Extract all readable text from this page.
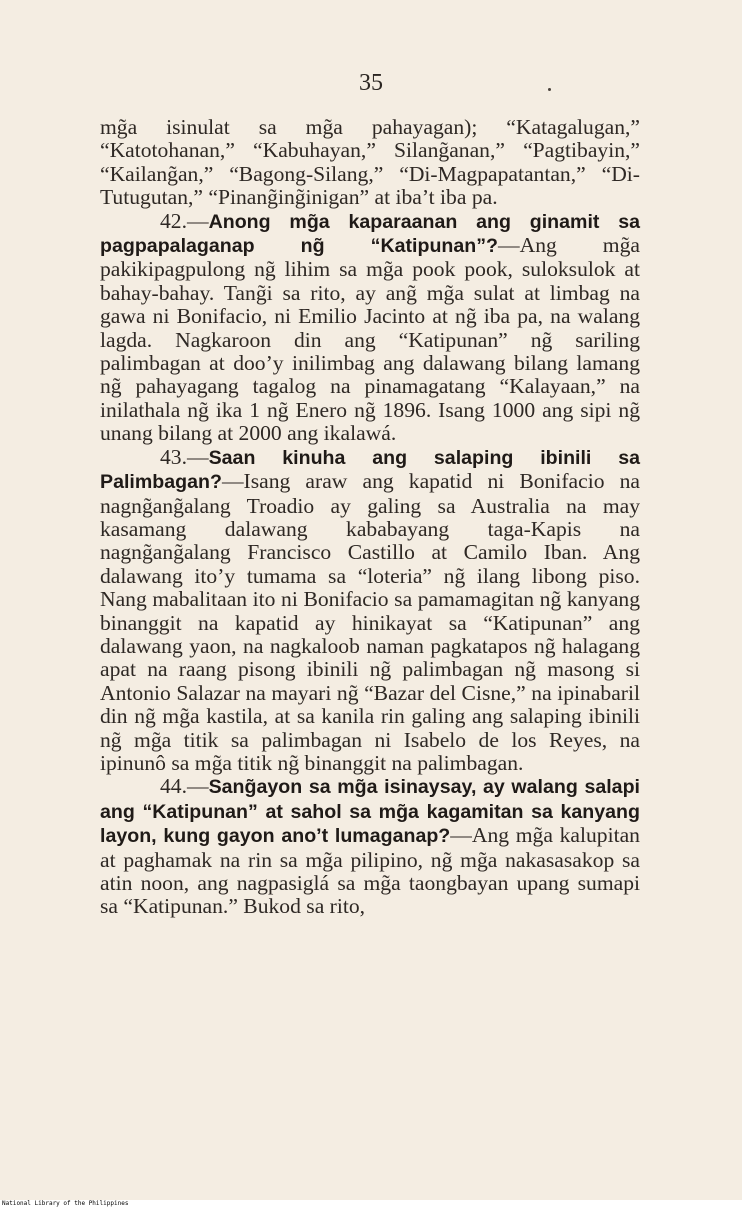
35

mg̃a isinulat sa mg̃a pahayagan); “Katagalugan,” “Katotohanan,” “Kabuhayan,” Silang̃anan,” “Pagtibayin,” “Kailang̃an,” “Bagong-Silang,” “Di-Magpapatantan,” “Di-Tutugutan,” “Pinang̃ing̃inigan” at iba’t iba pa.

42.—Anong mg̃a kaparaanan ang ginamit sa pagpapalaganap ng̃ “Katipunan”?—Ang mg̃a pakikipagpulong ng̃ lihim sa mg̃a pook pook, suloksulok at bahay-bahay. Tang̃i sa rito, ay ang̃ mg̃a sulat at limbag na gawa ni Bonifacio, ni Emilio Jacinto at ng̃ iba pa, na walang lagda. Nagkaroon din ang “Katipunan” ng̃ sariling palimbagan at doo’y inilimbag ang dalawang bilang lamang ng̃ pahayagang tagalog na pinamagatang “Kalayaan,” na inilathala ng̃ ika 1 ng̃ Enero ng̃ 1896. Isang 1000 ang sipi ng̃ unang bilang at 2000 ang ikalawá.

43.—Saan kinuha ang salaping ibinili sa Palimbagan?—Isang araw ang kapatid ni Bonifacio na nagng̃ang̃alang Troadio ay galing sa Australia na may kasamang dalawang kababayang taga-Kapis na nagng̃ang̃alang Francisco Castillo at Camilo Iban. Ang dalawang ito’y tumama sa “loteria” ng̃ ilang libong piso. Nang mabalitaan ito ni Bonifacio sa pamamagitan ng̃ kanyang binanggit na kapatid ay hinikayat sa “Katipunan” ang dalawang yaon, na nagkaloob naman pagkatapos ng̃ halagang apat na raang pisong ibinili ng̃ palimbagan ng̃ masong si Antonio Salazar na mayari ng̃ “Bazar del Cisne,” na ipinabaril din ng̃ mg̃a kastila, at sa kanila rin galing ang salaping ibinili ng̃ mg̃a titik sa palimbagan ni Isabelo de los Reyes, na ipinunô sa mg̃a titik ng̃ binanggit na palimbagan.

44.—Sang̃ayon sa mg̃a isinaysay, ay walang salapi ang “Katipunan” at sahol sa mg̃a kagamitan sa kanyang layon, kung gayon ano’t lumaganap?—Ang mg̃a kalupitan at paghamak na rin sa mg̃a pilipino, ng̃ mg̃a nakasasakop sa atin noon, ang nagpasiglá sa mg̃a taongbayan upang sumapi sa “Katipunan.” Bukod sa rito,

National Library of the Philippines
